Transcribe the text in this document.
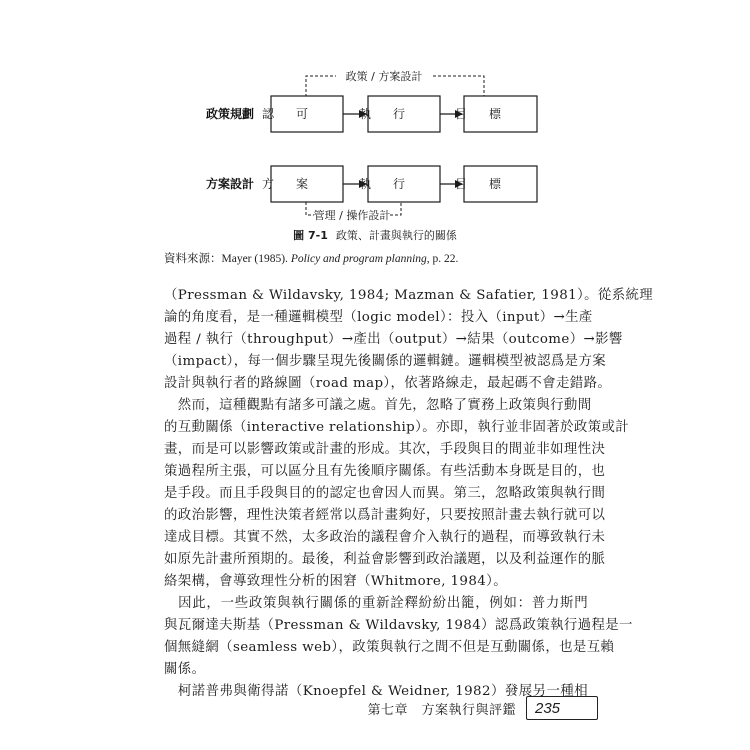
政策 / 方案設計
政策規劃 認可 執行 目標
方案設計 方案 執行 目標
管理 / 操作設計
圖 7-1 政策、計畫與執行的關係
資料來源：Mayer (1985). Policy and program planning, p. 22.
（Pressman & Wildavsky, 1984; Mazman & Safatier, 1981）。從系統理
論的角度看，是一種邏輯模型（logic model）：投入（input）→生產
過程 / 執行（throughput）→產出（output）→結果（outcome）→影響
（impact），每一個步驟呈現先後關係的邏輯鏈。邏輯模型被認爲是方案
設計與執行者的路線圖（road map），依著路線走，最起碼不會走錯路。
　然而，這種觀點有諸多可議之處。首先，忽略了實務上政策與行動間
的互動關係（interactive relationship）。亦即，執行並非固著於政策或計
畫，而是可以影響政策或計畫的形成。其次，手段與目的間並非如理性決
策過程所主張，可以區分且有先後順序關係。有些活動本身既是目的，也
是手段。而且手段與目的的認定也會因人而異。第三，忽略政策與執行間
的政治影響，理性決策者經常以爲計畫夠好，只要按照計畫去執行就可以
達成目標。其實不然，太多政治的議程會介入執行的過程，而導致執行未
如原先計畫所預期的。最後，利益會影響到政治議題，以及利益運作的脈
絡架構，會導致理性分析的困窘（Whitmore, 1984）。
　因此，一些政策與執行關係的重新詮釋紛紛出籠，例如：普力斯門
與瓦爾達夫斯基（Pressman & Wildavsky, 1984）認爲政策執行過程是一
個無縫網（seamless web），政策與執行之間不但是互動關係，也是互賴
關係。
　柯諾普弗與衛得諾（Knoepfel & Weidner, 1982）發展另一種相
第七章　方案執行與評鑑 235
